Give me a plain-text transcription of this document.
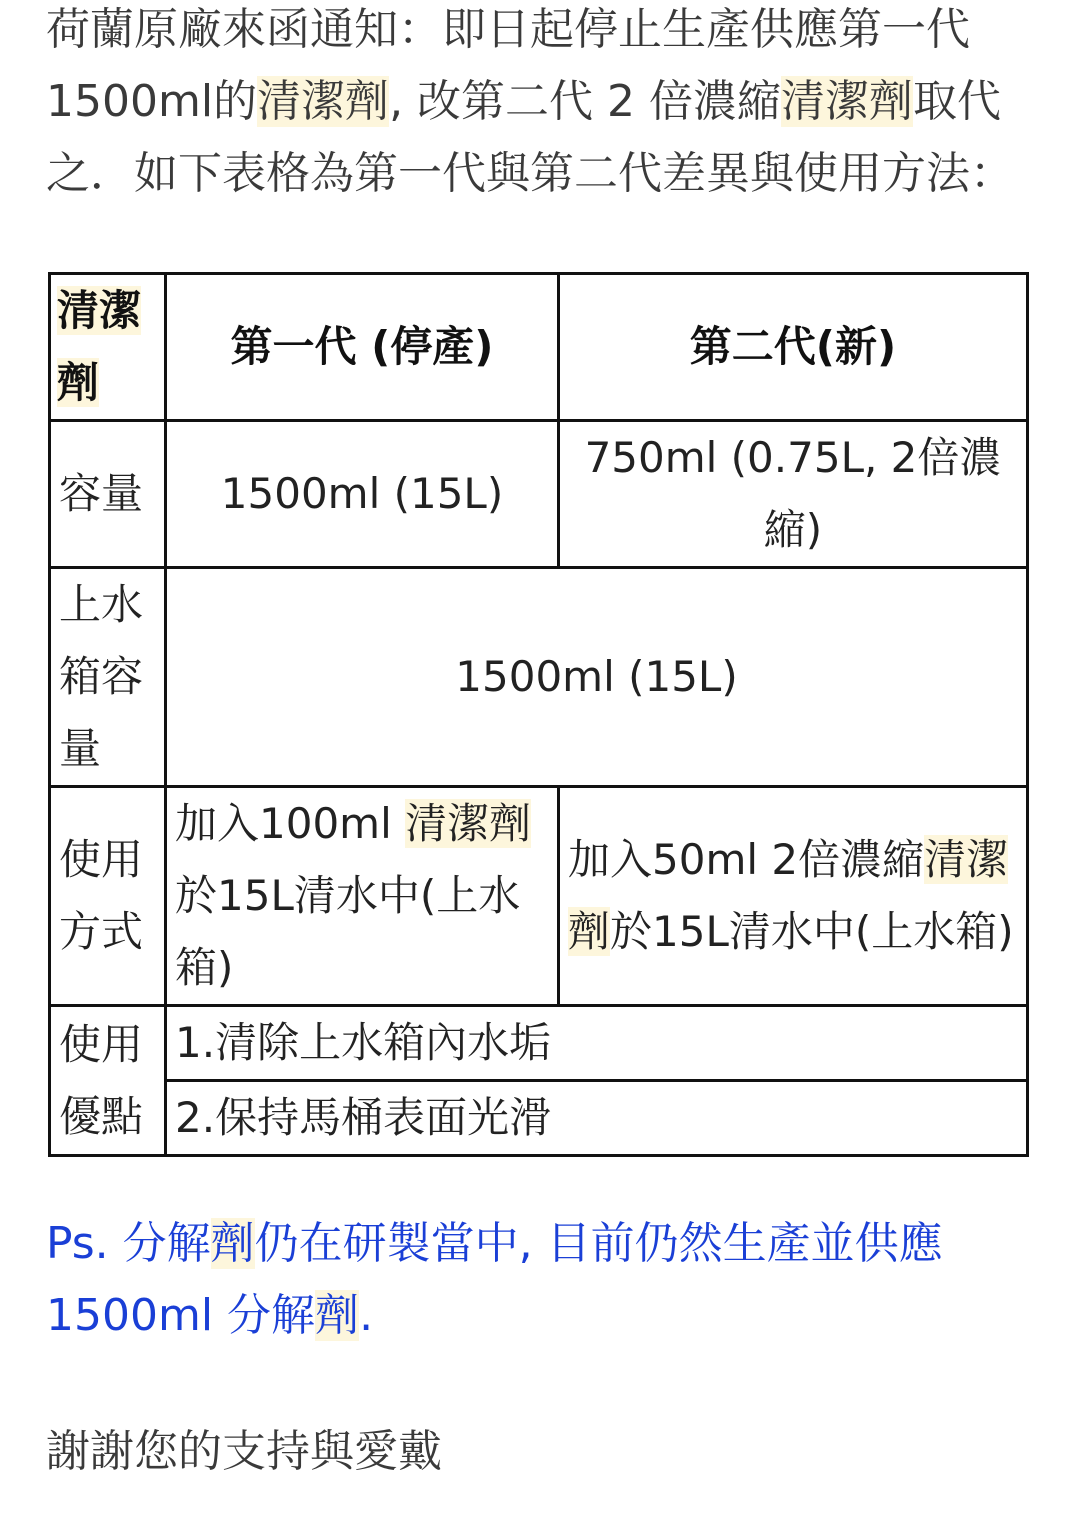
荷蘭原廠來函通知：即日起停止生產供應第一代1500ml的清潔劑, 改第二代 2 倍濃縮清潔劑取代之．如下表格為第一代與第二代差異與使用方法：

清潔劑	第一代 (停產)	第二代(新)
容量	1500ml (15L)	750ml (0.75L, 2倍濃縮)
上水箱容量	1500ml (15L)	
使用方式	加入100ml 清潔劑於15L清水中(上水箱)	加入50ml 2倍濃縮清潔劑於15L清水中(上水箱)
使用優點	1.清除上水箱內水垢	
	2.保持馬桶表面光滑	

Ps. 分解劑仍在研製當中, 目前仍然生產並供應1500ml 分解劑.

謝謝您的支持與愛戴
